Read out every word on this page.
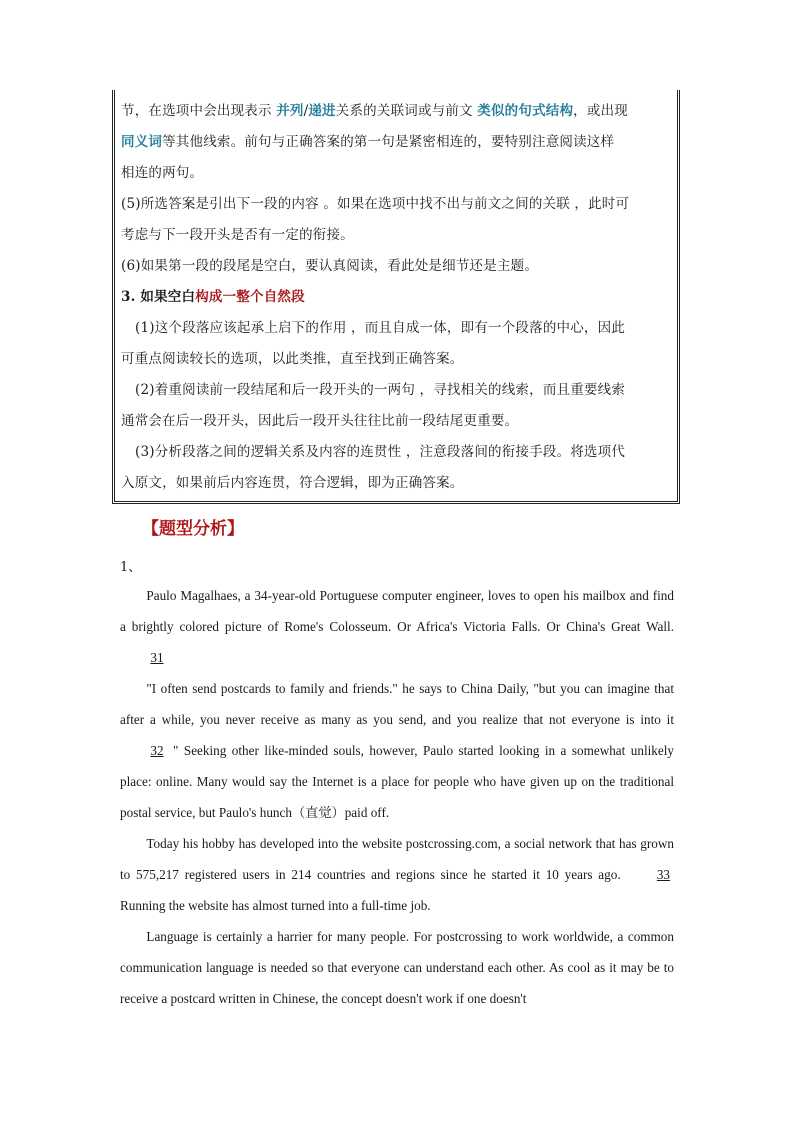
节，在选项中会出现表示 并列/递进关系的关联词或与前文 类似的句式结构，或出现

同义词等其他线索。前句与正确答案的第一句是紧密相连的，要特别注意阅读这样

相连的两句。

(5)所选答案是引出下一段的内容 。如果在选项中找不出与前文之间的关联 ，此时可

考虑与下一段开头是否有一定的衔接。

(6)如果第一段的段尾是空白，要认真阅读，看此处是细节还是主题。

3. 如果空白构成一整个自然段

(1)这个段落应该起承上启下的作用 ，而且自成一体，即有一个段落的中心，因此

可重点阅读较长的选项，以此类推，直至找到正确答案。

(2)着重阅读前一段结尾和后一段开头的一两句 ，寻找相关的线索，而且重要线索

通常会在后一段开头，因此后一段开头往往比前一段结尾更重要。

(3)分析段落之间的逻辑关系及内容的连贯性 ，注意段落间的衔接手段。将选项代

入原文，如果前后内容连贯，符合逻辑，即为正确答案。

【题型分析】
1、

Paulo Magalhaes, a 34-year-old Portuguese computer engineer, loves to open his mailbox and find a brightly colored picture of Rome's Colosseum. Or Africa's Victoria Falls. Or China's Great Wall. 31

"I often send postcards to family and friends." he says to China Daily, "but you can imagine that after a while, you never receive as many as you send, and you realize that not everyone is into it 32 " Seeking other like-minded souls, however, Paulo started looking in a somewhat unlikely place: online. Many would say the Internet is a place for people who have given up on the traditional postal service, but Paulo's hunch（直觉）paid off.

Today his hobby has developed into the website postcrossing.com, a social network that has grown to 575,217 registered users in 214 countries and regions since he started it 10 years ago.	33 Running the website has almost turned into a full-time job.

Language is certainly a harrier for many people. For postcrossing to work worldwide, a common communication language is needed so that everyone can understand each other. As cool as it may be to receive a postcard written in Chinese, the concept doesn't work if one doesn't
